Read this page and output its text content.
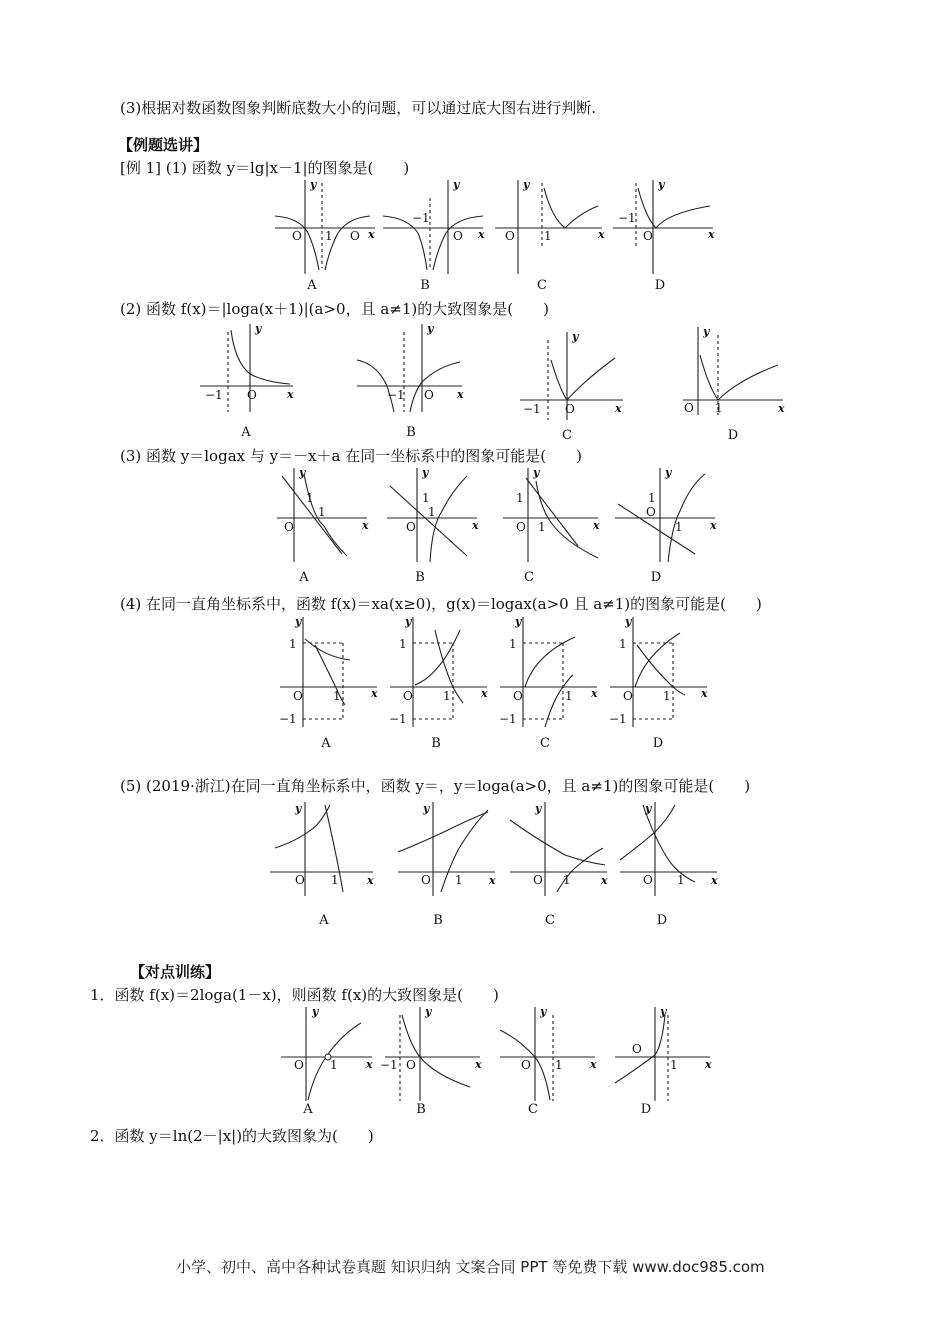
(3)根据对数函数图象判断底数大小的问题，可以通过底大图右进行判断.
【例题选讲】
[例 1] (1) 函数 y＝lg|x－1|的图象是(　　)
(2) 函数 f(x)＝|loga(x＋1)|(a>0，且 a≠1)的大致图象是(　　)
(3) 函数 y＝logax 与 y＝－x＋a 在同一坐标系中的图象可能是(　　)
(4) 在同一直角坐标系中，函数 f(x)＝xa(x≥0)，g(x)＝logax(a>0 且 a≠1)的图象可能是(　　)
(5) (2019·浙江)在同一直角坐标系中，函数 y＝，y＝loga(a>0，且 a≠1)的图象可能是(　　)
【对点训练】
1．函数 f(x)＝2loga(1－x)，则函数 f(x)的大致图象是(　　)
2．函数 y＝ln(2－|x|)的大致图象为(　　)
y
x
O 1 O
y
x
−1
O
y
x
O 1
y
x
−1
O
A	B	C	D
y
x
−1 O
y
x
−1 O
y
x
−1 O
y
x
O 1
A	B	C	D
y
x
1
1
O
y
x
1
1
O
y
x
1
1
O
y
x
1
1
O
A	B	C	D
y
x
1
O	1
−1
y
x
1
O	1
−1
y
x
1
O	1
−1
y
x
1
O	1
−1
A	B	C	D
y
x
O 1
y
x
O 1
y
x
O 1
y
x
O 1
A	B	C	D
y
x
O 1
y
x
−1 O
y
x
O 1
y
x
O
1
A	B	C	D
小学、初中、高中各种试卷真题 知识归纳 文案合同 PPT 等免费下载 www.doc985.com
